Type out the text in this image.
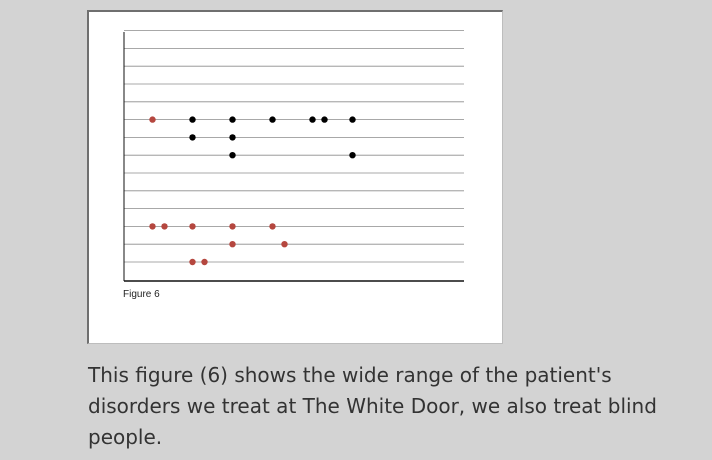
Figure 6

This figure (6) shows the wide range of the patient's disorders we treat at The White Door, we also treat blind people.
